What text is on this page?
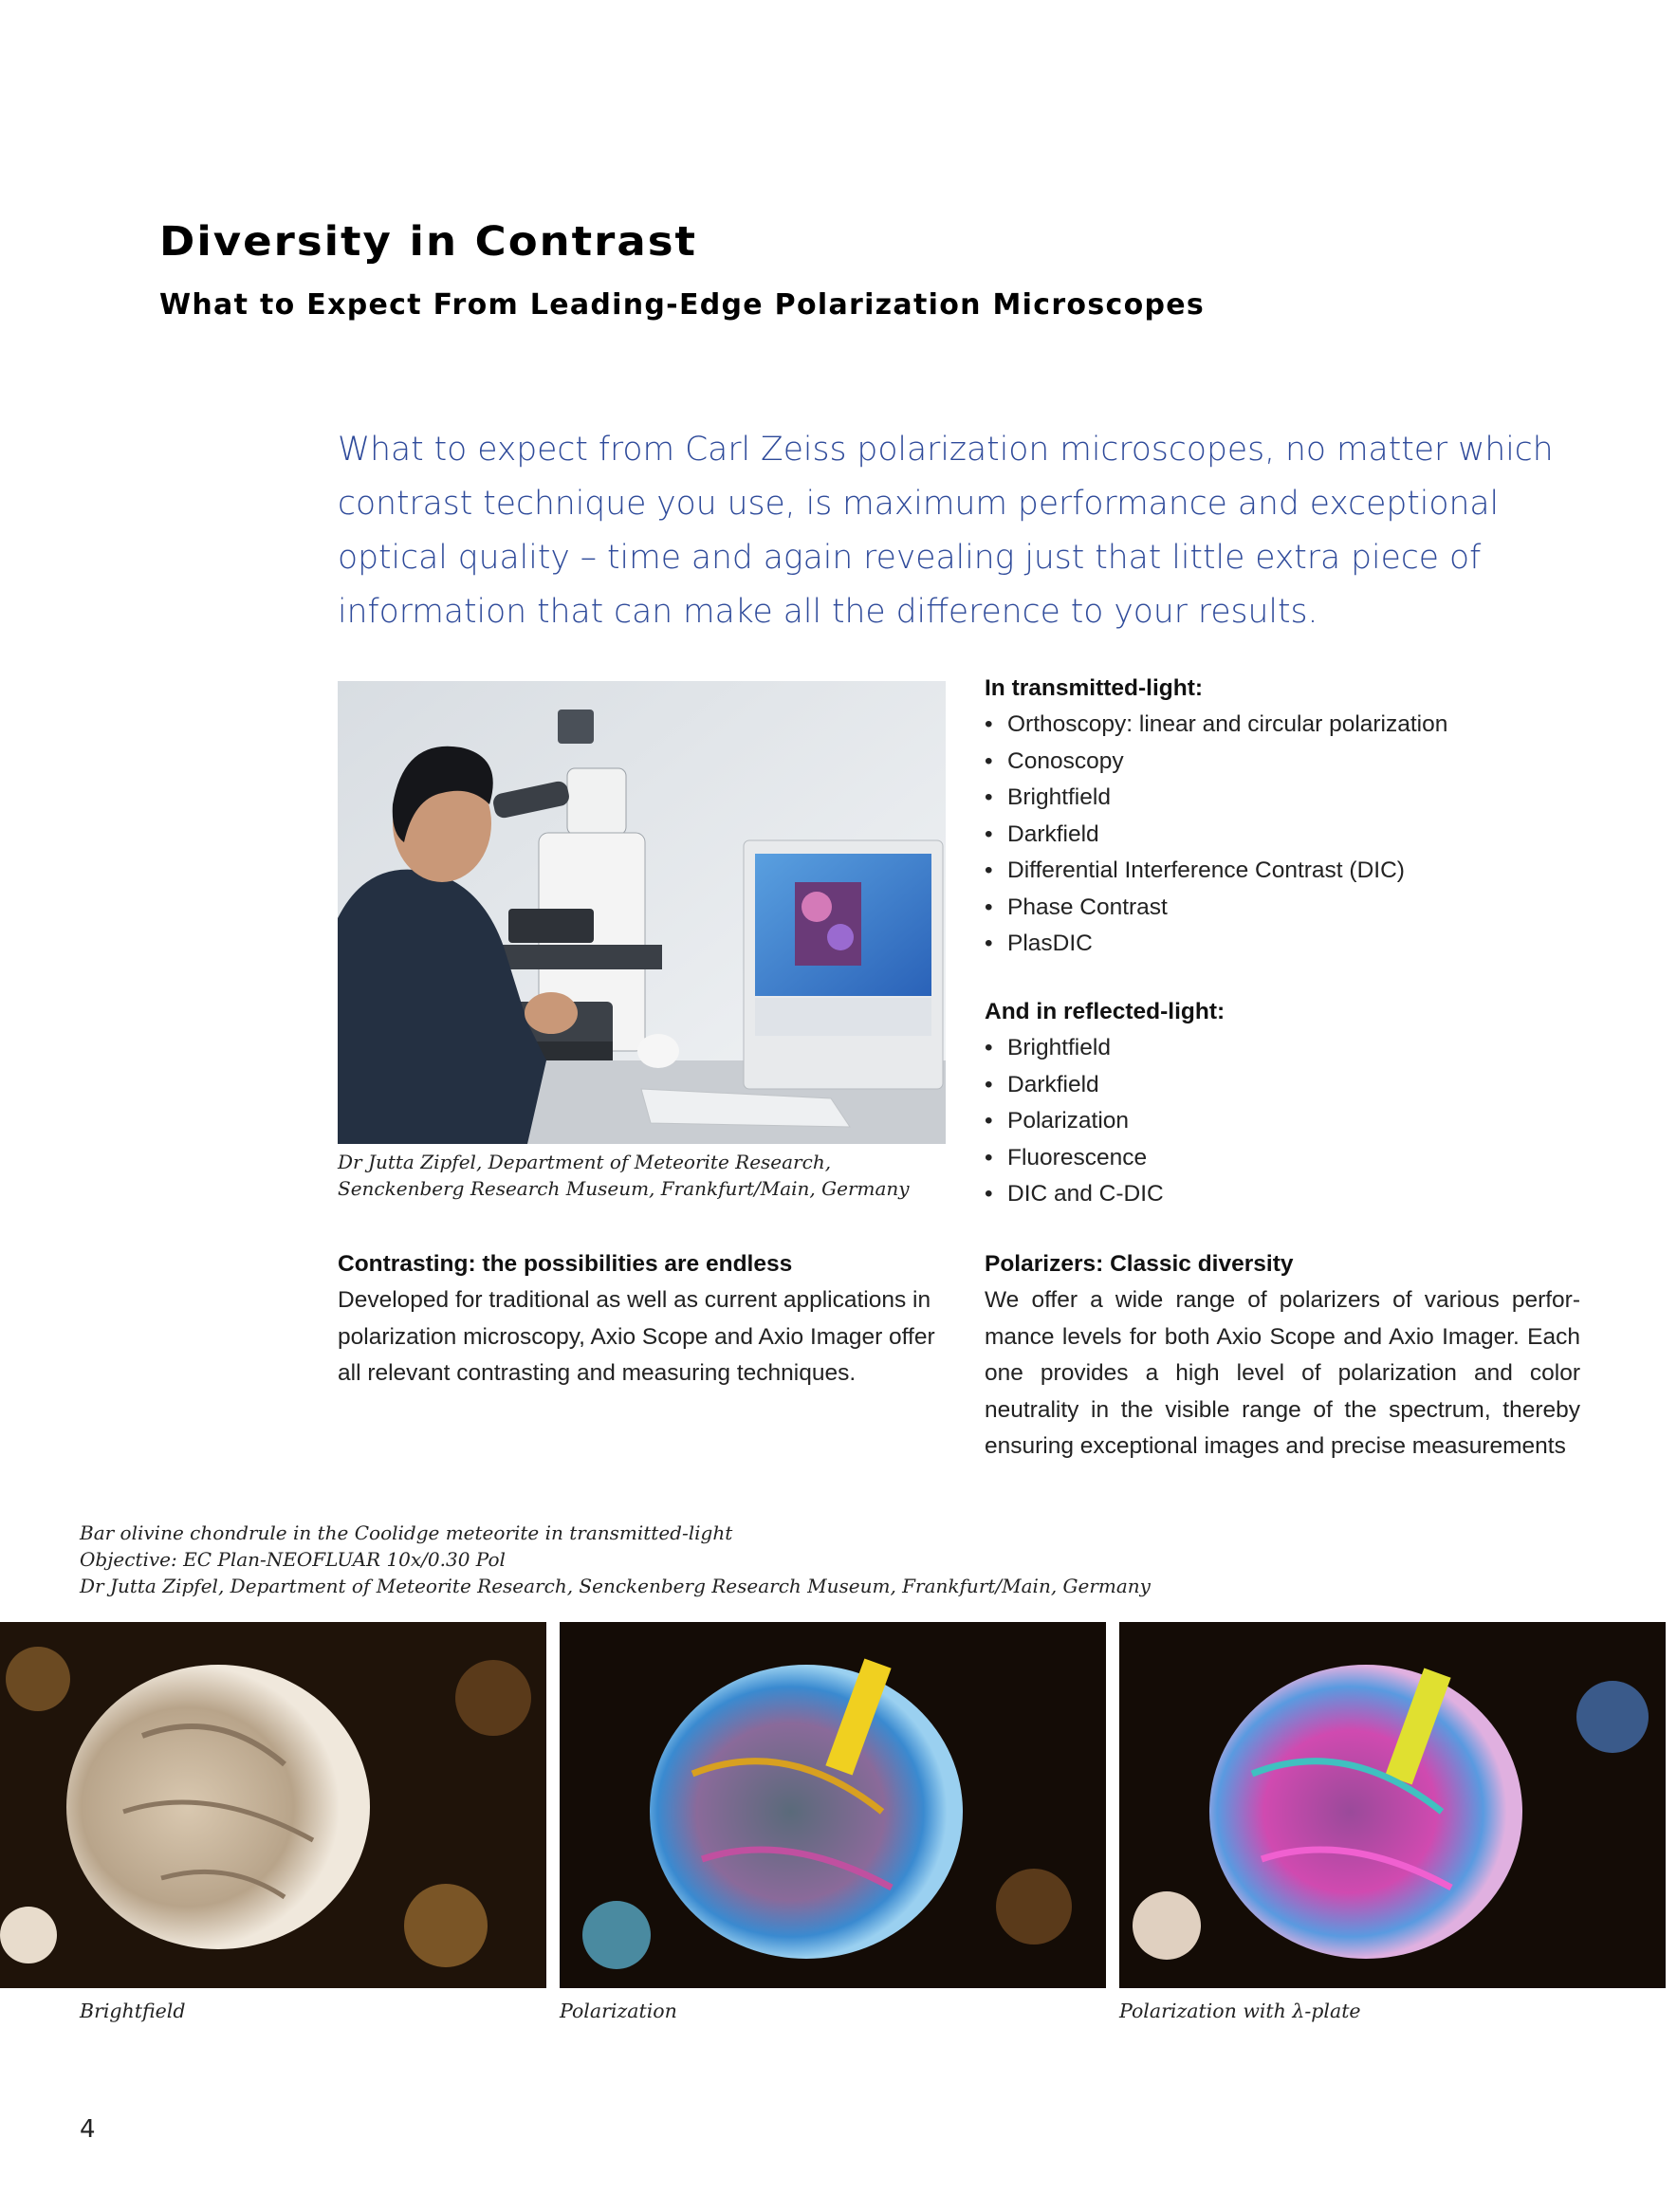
Diversity in Contrast
What to Expect From Leading-Edge Polarization Microscopes

What to expect from Carl Zeiss polarization microscopes, no matter which contrast technique you use, is maximum performance and exceptional optical quality – time and again revealing just that little extra piece of information that can make all the difference to your results.

Dr Jutta Zipfel, Department of Meteorite Research,
Senckenberg Research Museum, Frankfurt/Main, Germany
In transmitted-light:
• Orthoscopy: linear and circular polarization
• Conoscopy
• Brightfield
• Darkfield
• Differential Interference Contrast (DIC)
• Phase Contrast
• PlasDIC
And in reflected-light:
• Brightfield
• Darkfield
• Polarization
• Fluorescence
• DIC and C-DIC
Contrasting: the possibilities are endless

Developed for traditional as well as current applications in polarization microscopy, Axio Scope and Axio Imager offer all relevant contrasting and measuring techniques.

Polarizers: Classic diversity

We offer a wide range of polarizers of various perfor-mance levels for both Axio Scope and Axio Imager. Each one provides a high level of polarization and color neutrality in the visible range of the spectrum, thereby ensuring exceptional images and precise measurements

Bar olivine chondrule in the Coolidge meteorite in transmitted-light
Objective: EC Plan-NEOFLUAR 10x/0.30 Pol
Dr Jutta Zipfel, Department of Meteorite Research, Senckenberg Research Museum, Frankfurt/Main, Germany
Brightfield	Polarization	Polarization with λ-plate
4
